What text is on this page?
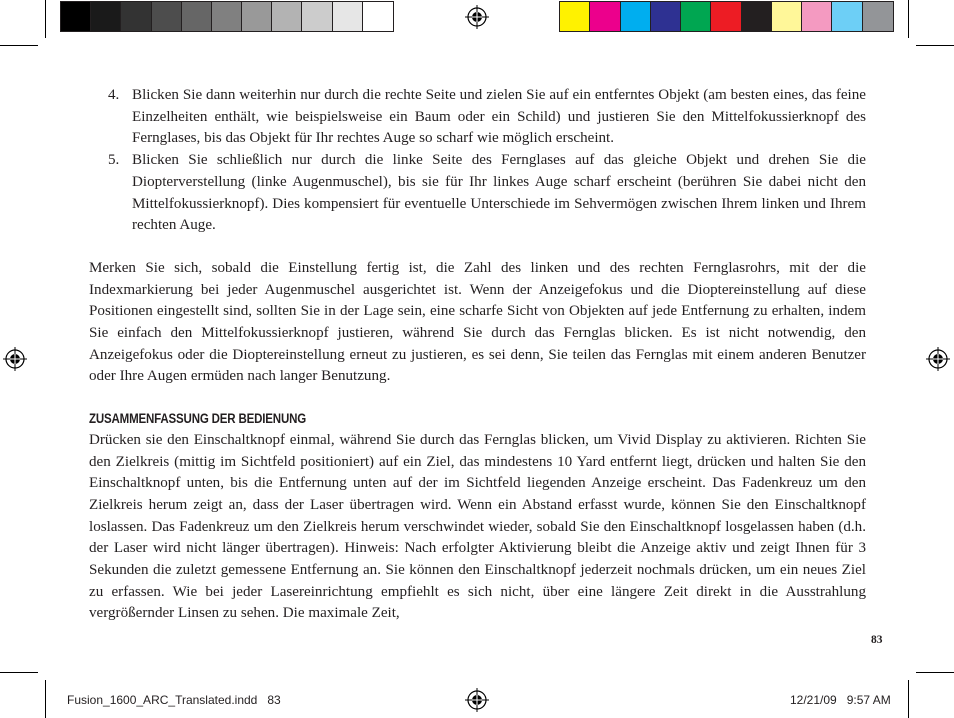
4. Blicken Sie dann weiterhin nur durch die rechte Seite und zielen Sie auf ein entferntes Objekt (am besten eines, das feine Einzelheiten enthält, wie beispielsweise ein Baum oder ein Schild) und justieren Sie den Mittelfokussierknopf des Fernglases, bis das Objekt für Ihr rechtes Auge so scharf wie möglich erscheint.
5. Blicken Sie schließlich nur durch die linke Seite des Fernglases auf das gleiche Objekt und drehen Sie die Diopterverstellung (linke Augenmuschel), bis sie für Ihr linkes Auge scharf erscheint (berühren Sie dabei nicht den Mittelfokussierknopf). Dies kompensiert für eventuelle Unterschiede im Sehvermögen zwischen Ihrem linken und Ihrem rechten Auge.

Merken Sie sich, sobald die Einstellung fertig ist, die Zahl des linken und des rechten Fernglasrohrs, mit der die Indexmarkierung bei jeder Augenmuschel ausgerichtet ist. Wenn der Anzeigefokus und die Dioptereinstellung auf diese Positionen eingestellt sind, sollten Sie in der Lage sein, eine scharfe Sicht von Objekten auf jede Entfernung zu erhalten, indem Sie einfach den Mittelfokussierknopf justieren, während Sie durch das Fernglas blicken. Es ist nicht notwendig, den Anzeigefokus oder die Dioptereinstellung erneut zu justieren, es sei denn, Sie teilen das Fernglas mit einem anderen Benutzer oder Ihre Augen ermüden nach langer Benutzung.

ZUSAMMENFASSUNG DER BEDIENUNG

Drücken sie den Einschaltknopf einmal, während Sie durch das Fernglas blicken, um Vivid Display zu aktivieren. Richten Sie den Zielkreis (mittig im Sichtfeld positioniert) auf ein Ziel, das mindestens 10 Yard entfernt liegt, drücken und halten Sie den Einschaltknopf unten, bis die Entfernung unten auf der im Sichtfeld liegenden Anzeige erscheint. Das Fadenkreuz um den Zielkreis herum zeigt an, dass der Laser übertragen wird. Wenn ein Abstand erfasst wurde, können Sie den Einschaltknopf loslassen. Das Fadenkreuz um den Zielkreis herum verschwindet wieder, sobald Sie den Einschaltknopf losgelassen haben (d.h. der Laser wird nicht länger übertragen). Hinweis: Nach erfolgter Aktivierung bleibt die Anzeige aktiv und zeigt Ihnen für 3 Sekunden die zuletzt gemessene Entfernung an. Sie können den Einschaltknopf jederzeit nochmals drücken, um ein neues Ziel zu erfassen. Wie bei jeder Lasereinrichtung empfiehlt es sich nicht, über eine längere Zeit direkt in die Ausstrahlung vergrößernder Linsen zu sehen. Die maximale Zeit,

83
Fusion_1600_ARC_Translated.indd   83	12/21/09   9:57 AM
